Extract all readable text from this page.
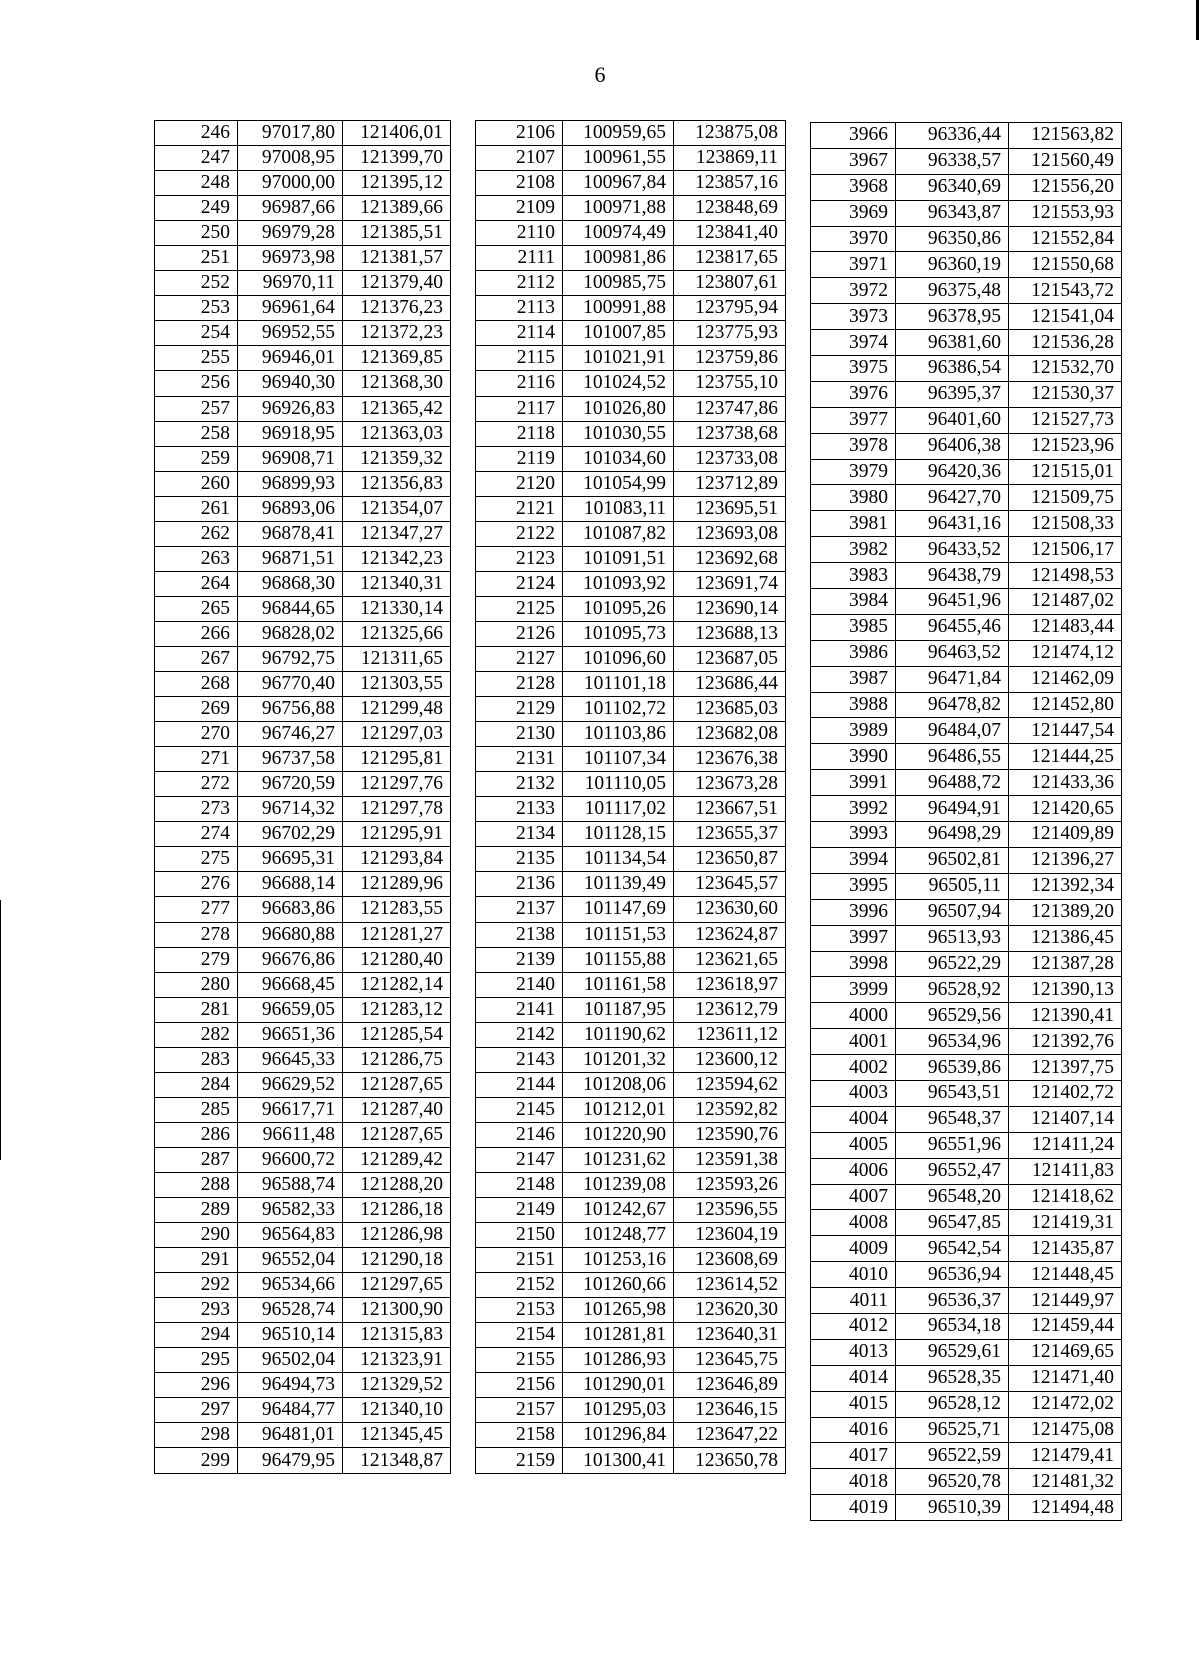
6
246	97017,80	121406,01
247	97008,95	121399,70
248	97000,00	121395,12
249	96987,66	121389,66
250	96979,28	121385,51
251	96973,98	121381,57
252	96970,11	121379,40
253	96961,64	121376,23
254	96952,55	121372,23
255	96946,01	121369,85
256	96940,30	121368,30
257	96926,83	121365,42
258	96918,95	121363,03
259	96908,71	121359,32
260	96899,93	121356,83
261	96893,06	121354,07
262	96878,41	121347,27
263	96871,51	121342,23
264	96868,30	121340,31
265	96844,65	121330,14
266	96828,02	121325,66
267	96792,75	121311,65
268	96770,40	121303,55
269	96756,88	121299,48
270	96746,27	121297,03
271	96737,58	121295,81
272	96720,59	121297,76
273	96714,32	121297,78
274	96702,29	121295,91
275	96695,31	121293,84
276	96688,14	121289,96
277	96683,86	121283,55
278	96680,88	121281,27
279	96676,86	121280,40
280	96668,45	121282,14
281	96659,05	121283,12
282	96651,36	121285,54
283	96645,33	121286,75
284	96629,52	121287,65
285	96617,71	121287,40
286	96611,48	121287,65
287	96600,72	121289,42
288	96588,74	121288,20
289	96582,33	121286,18
290	96564,83	121286,98
291	96552,04	121290,18
292	96534,66	121297,65
293	96528,74	121300,90
294	96510,14	121315,83
295	96502,04	121323,91
296	96494,73	121329,52
297	96484,77	121340,10
298	96481,01	121345,45
299	96479,95	121348,87
2106	100959,65	123875,08
2107	100961,55	123869,11
2108	100967,84	123857,16
2109	100971,88	123848,69
2110	100974,49	123841,40
2111	100981,86	123817,65
2112	100985,75	123807,61
2113	100991,88	123795,94
2114	101007,85	123775,93
2115	101021,91	123759,86
2116	101024,52	123755,10
2117	101026,80	123747,86
2118	101030,55	123738,68
2119	101034,60	123733,08
2120	101054,99	123712,89
2121	101083,11	123695,51
2122	101087,82	123693,08
2123	101091,51	123692,68
2124	101093,92	123691,74
2125	101095,26	123690,14
2126	101095,73	123688,13
2127	101096,60	123687,05
2128	101101,18	123686,44
2129	101102,72	123685,03
2130	101103,86	123682,08
2131	101107,34	123676,38
2132	101110,05	123673,28
2133	101117,02	123667,51
2134	101128,15	123655,37
2135	101134,54	123650,87
2136	101139,49	123645,57
2137	101147,69	123630,60
2138	101151,53	123624,87
2139	101155,88	123621,65
2140	101161,58	123618,97
2141	101187,95	123612,79
2142	101190,62	123611,12
2143	101201,32	123600,12
2144	101208,06	123594,62
2145	101212,01	123592,82
2146	101220,90	123590,76
2147	101231,62	123591,38
2148	101239,08	123593,26
2149	101242,67	123596,55
2150	101248,77	123604,19
2151	101253,16	123608,69
2152	101260,66	123614,52
2153	101265,98	123620,30
2154	101281,81	123640,31
2155	101286,93	123645,75
2156	101290,01	123646,89
2157	101295,03	123646,15
2158	101296,84	123647,22
2159	101300,41	123650,78
3966	96336,44	121563,82
3967	96338,57	121560,49
3968	96340,69	121556,20
3969	96343,87	121553,93
3970	96350,86	121552,84
3971	96360,19	121550,68
3972	96375,48	121543,72
3973	96378,95	121541,04
3974	96381,60	121536,28
3975	96386,54	121532,70
3976	96395,37	121530,37
3977	96401,60	121527,73
3978	96406,38	121523,96
3979	96420,36	121515,01
3980	96427,70	121509,75
3981	96431,16	121508,33
3982	96433,52	121506,17
3983	96438,79	121498,53
3984	96451,96	121487,02
3985	96455,46	121483,44
3986	96463,52	121474,12
3987	96471,84	121462,09
3988	96478,82	121452,80
3989	96484,07	121447,54
3990	96486,55	121444,25
3991	96488,72	121433,36
3992	96494,91	121420,65
3993	96498,29	121409,89
3994	96502,81	121396,27
3995	96505,11	121392,34
3996	96507,94	121389,20
3997	96513,93	121386,45
3998	96522,29	121387,28
3999	96528,92	121390,13
4000	96529,56	121390,41
4001	96534,96	121392,76
4002	96539,86	121397,75
4003	96543,51	121402,72
4004	96548,37	121407,14
4005	96551,96	121411,24
4006	96552,47	121411,83
4007	96548,20	121418,62
4008	96547,85	121419,31
4009	96542,54	121435,87
4010	96536,94	121448,45
4011	96536,37	121449,97
4012	96534,18	121459,44
4013	96529,61	121469,65
4014	96528,35	121471,40
4015	96528,12	121472,02
4016	96525,71	121475,08
4017	96522,59	121479,41
4018	96520,78	121481,32
4019	96510,39	121494,48
